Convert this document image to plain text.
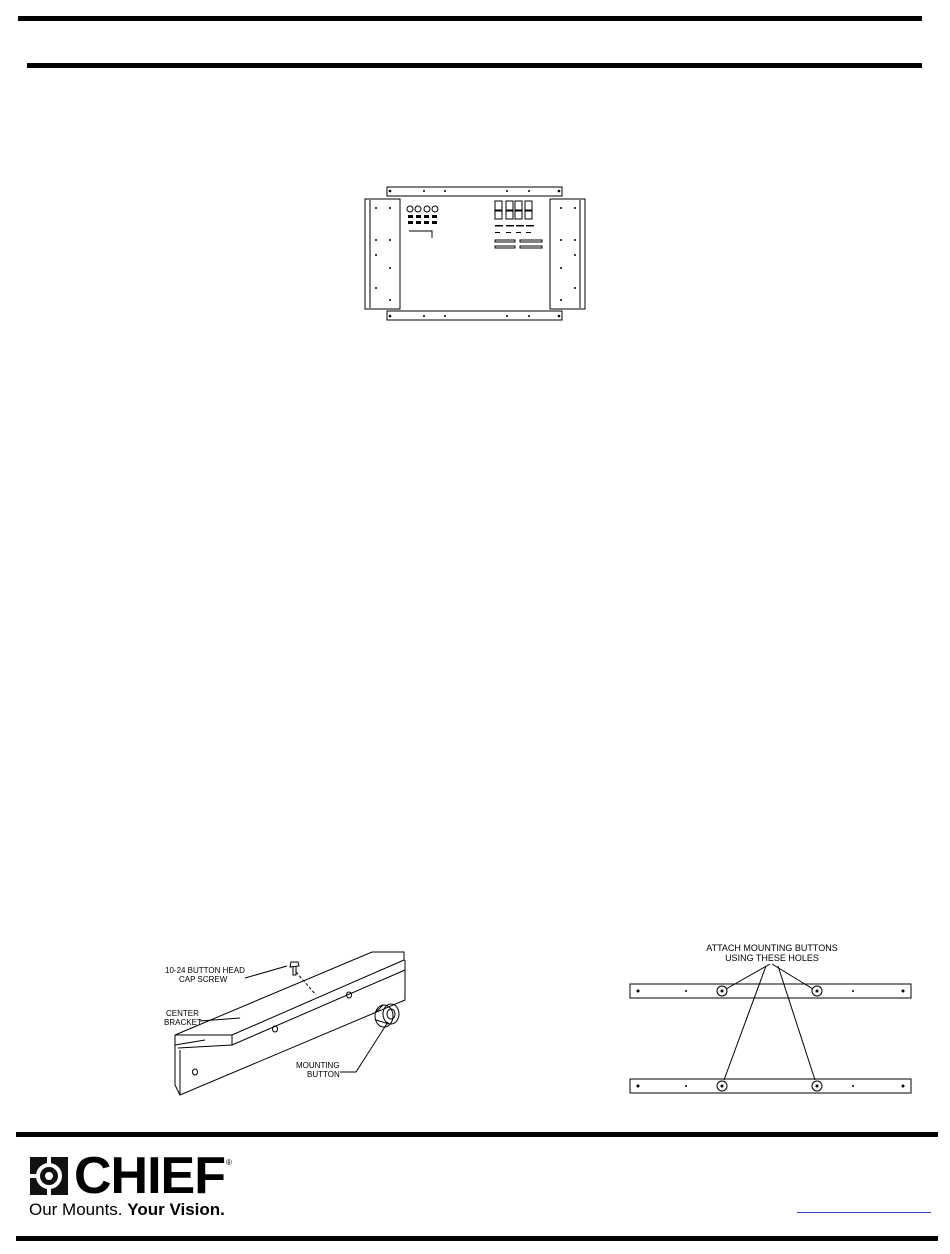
10-24 BUTTON HEAD
CAP SCREW
CENTER
BRACKET
MOUNTING
BUTTON
ATTACH MOUNTING BUTTONS
USING THESE HOLES
CHIEF ®
Our Mounts. Your Vision.
